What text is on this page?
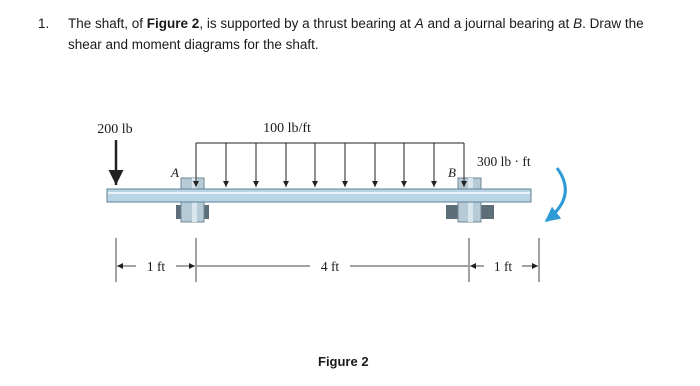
1. The shaft, of Figure 2, is supported by a thrust bearing at A and a journal bearing at B. Draw the shear and moment diagrams for the shaft.
200 lb	100 lb/ft
A	B
300 lb · ft
1 ft	4 ft	1 ft
Figure 2
